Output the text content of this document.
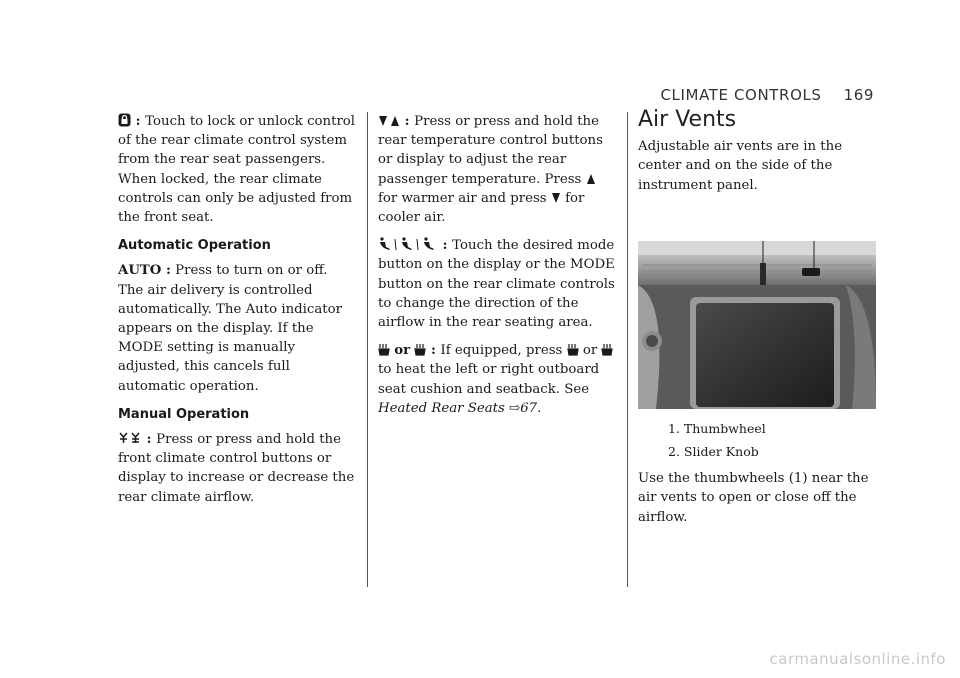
CLIMATE CONTROLS 169

: Touch to lock or unlock control of the rear climate control system from the rear seat passengers. When locked, the rear climate controls can only be adjusted from the front seat.

Automatic Operation

AUTO : Press to turn on or off. The air delivery is controlled automatically. The Auto indicator appears on the display. If the MODE setting is manually adjusted, this cancels full automatic operation.

Manual Operation

: Press or press and hold the front climate control buttons or display to increase or decrease the rear climate airflow.

: Press or press and hold the rear temperature control buttons or display to adjust the rear passenger temperature. Press  for warmer air and press for cooler air.

: Touch the desired mode button on the display or the MODE button on the rear climate controls to change the direction of the airflow in the rear seating area.

or  : If equipped, press or  to heat the left or right outboard seat cushion and seatback. See Heated Rear Seats ⇨67.

Air Vents

Adjustable air vents are in the center and on the side of the instrument panel.

1. Thumbwheel
2. Slider Knob

Use the thumbwheels (1) near the air vents to open or close off the airflow.

carmanualsonline.info
